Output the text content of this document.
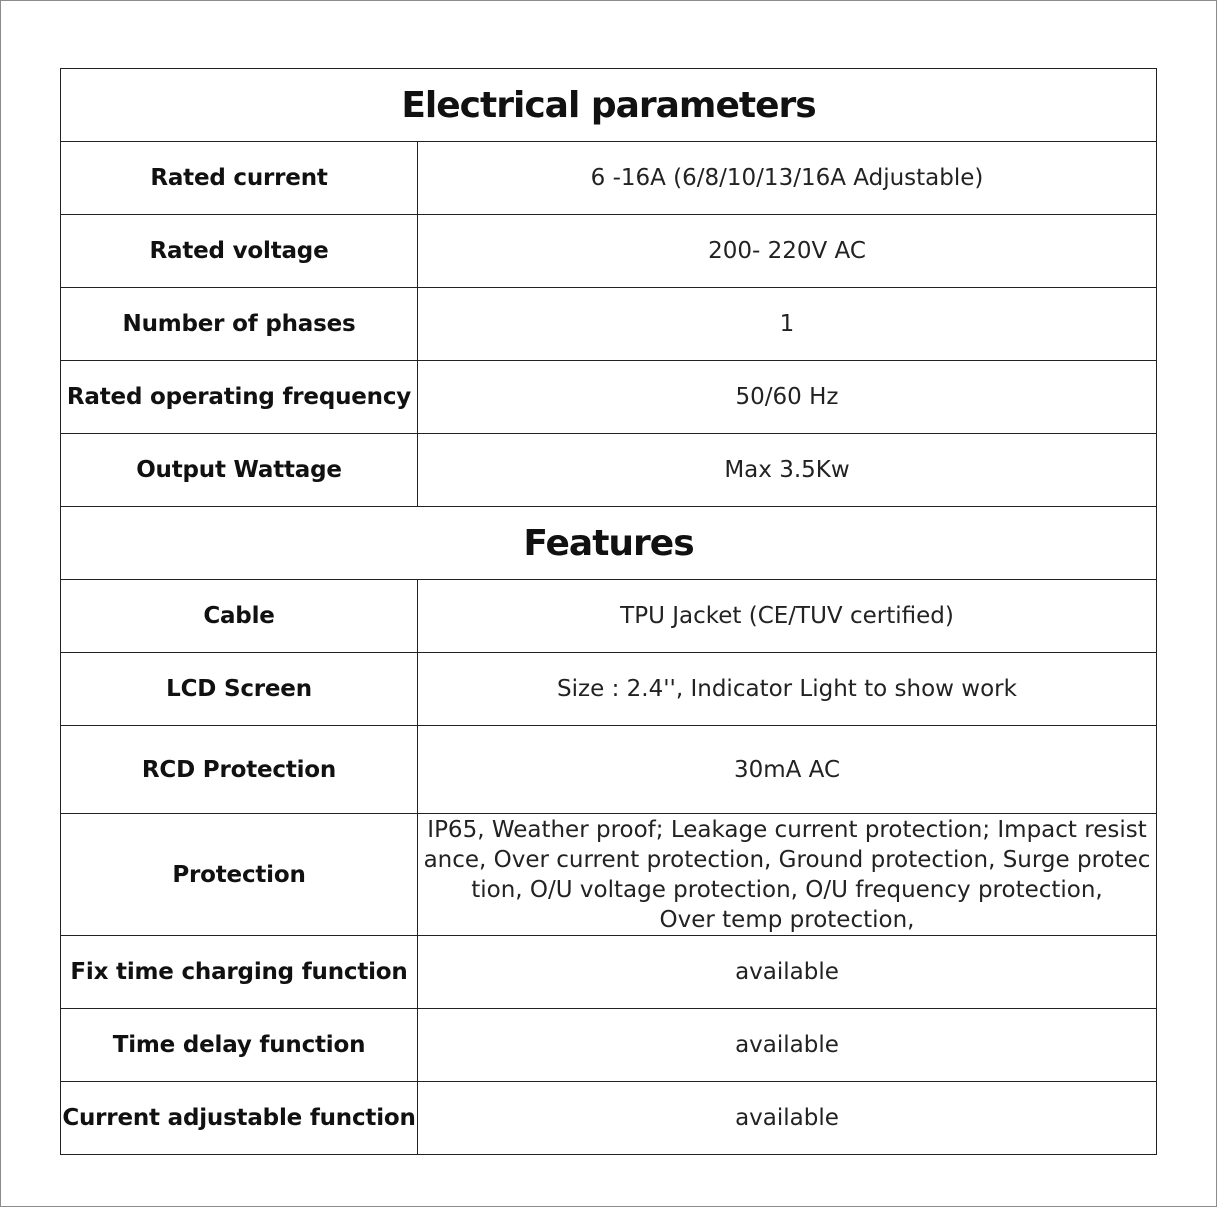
Electrical parameters	
Rated current	6 -16A (6/8/10/13/16A Adjustable)
Rated voltage	200- 220V AC
Number of phases	1
Rated operating frequency	50/60 Hz
Output Wattage	Max 3.5Kw
Features	
Cable	TPU Jacket (CE/TUV certified)
LCD Screen	Size : 2.4'', Indicator Light to show work
RCD Protection	30mA AC
Protection	IP65, Weather proof; Leakage current protection; Impact resist
ance, Over current protection, Ground protection, Surge protec
tion, O/U voltage protection, O/U frequency protection,
Over temp protection,

Fix time charging function	available
Time delay function	available
Current adjustable function	available
